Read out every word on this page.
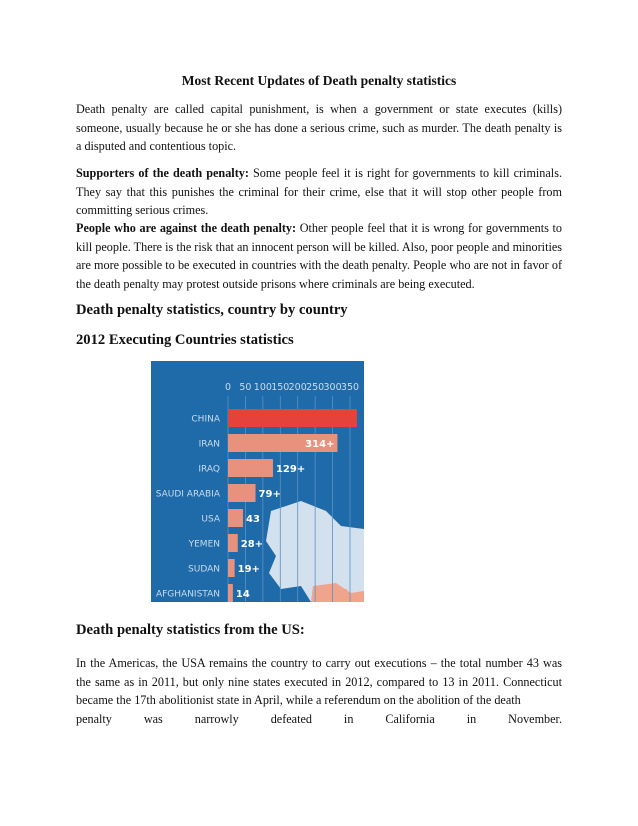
Most Recent Updates of Death penalty statistics

Death penalty are called capital punishment, is when a government or state executes (kills) someone, usually because he or she has done a serious crime, such as murder. The death penalty is a disputed and contentious topic.

Supporters of the death penalty: Some people feel it is right for governments to kill criminals. They say that this punishes the criminal for their crime, else that it will stop other people from committing serious crimes.

People who are against the death penalty: Other people feel that it is wrong for governments to kill people. There is the risk that an innocent person will be killed. Also, poor people and minorities are more possible to be executed in countries with the death penalty. People who are not in favor of the death penalty may protest outside prisons where criminals are being executed.

Death penalty statistics, country by country
2012 Executing Countries statistics
Death penalty statistics from the US:

In the Americas, the USA remains the country to carry out executions – the total number 43 was the same as in 2011, but only nine states executed in 2012, compared to 13 in 2011. Connecticut became the 17th abolitionist state in April, while a referendum on the abolition of the death

penalty was narrowly defeated in California in November.

0 50 100 150 200 250 300 350
CHINA
IRAN	314+
IRAQ	129+
SAUDI ARABIA	79+
USA	43
YEMEN 28+
SUDAN 19+
AFGHANISTAN 14
